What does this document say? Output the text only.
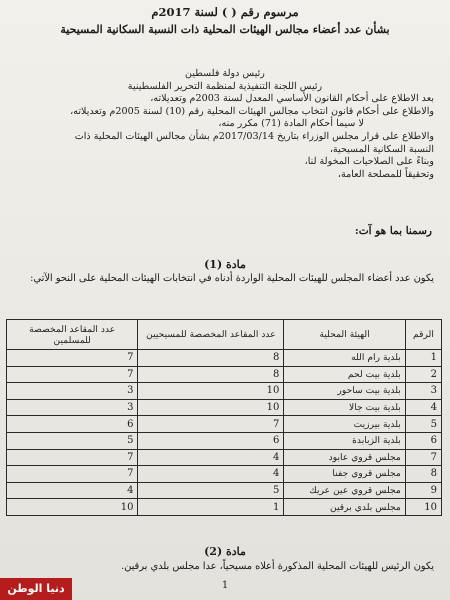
مرسوم رقم ( ) لسنة 2017م
بشأن عدد أعضاء مجالس الهيئات المحلية ذات النسبة السكانية المسيحية
رئيس دولة فلسطين
رئيس اللجنة التنفيذية لمنظمة التحرير الفلسطينية
بعد الاطلاع على أحكام القانون الأساسي المعدل لسنة 2003م وتعديلاته،
والاطلاع على أحكام قانون انتخاب مجالس الهيئات المحلية رقم (10) لسنة 2005م وتعديلاته،
لا سيما أحكام المادة (71) مكرر منه،
والاطلاع على قرار مجلس الوزراء بتاريخ 2017/03/14م بشأن مجالس الهيئات المحلية ذات
النسبة السكانية المسيحية،
وبناءً على الصلاحيات المخولة لنا،
وتحقيقاً للمصلحة العامة،
رسمنا بما هو آت:
مادة (1)
يكون عدد أعضاء المجلس للهيئات المحلية الواردة أدناه في انتخابات الهيئات المحلية على النحو الآتي:
الرقم	الهيئة المحلية	عدد المقاعد المخصصة للمسيحيين	عدد المقاعد المخصصة للمسلمين
1	بلدية رام الله	8	7
2	بلدية بيت لحم	8	7
3	بلدية بيت ساحور	10	3
4	بلدية بيت جالا	10	3
5	بلدية بيرزيت	7	6
6	بلدية الزبابدة	6	5
7	مجلس قروي عابود	4	7
8	مجلس قروي جفنا	4	7
9	مجلس قروي عين عريك	5	4
10	مجلس بلدي برقين	1	10
مادة (2)
يكون الرئيس للهيئات المحلية المذكورة أعلاه مسيحياً، عدا مجلس بلدي برقين.
1
دنيا الوطن
